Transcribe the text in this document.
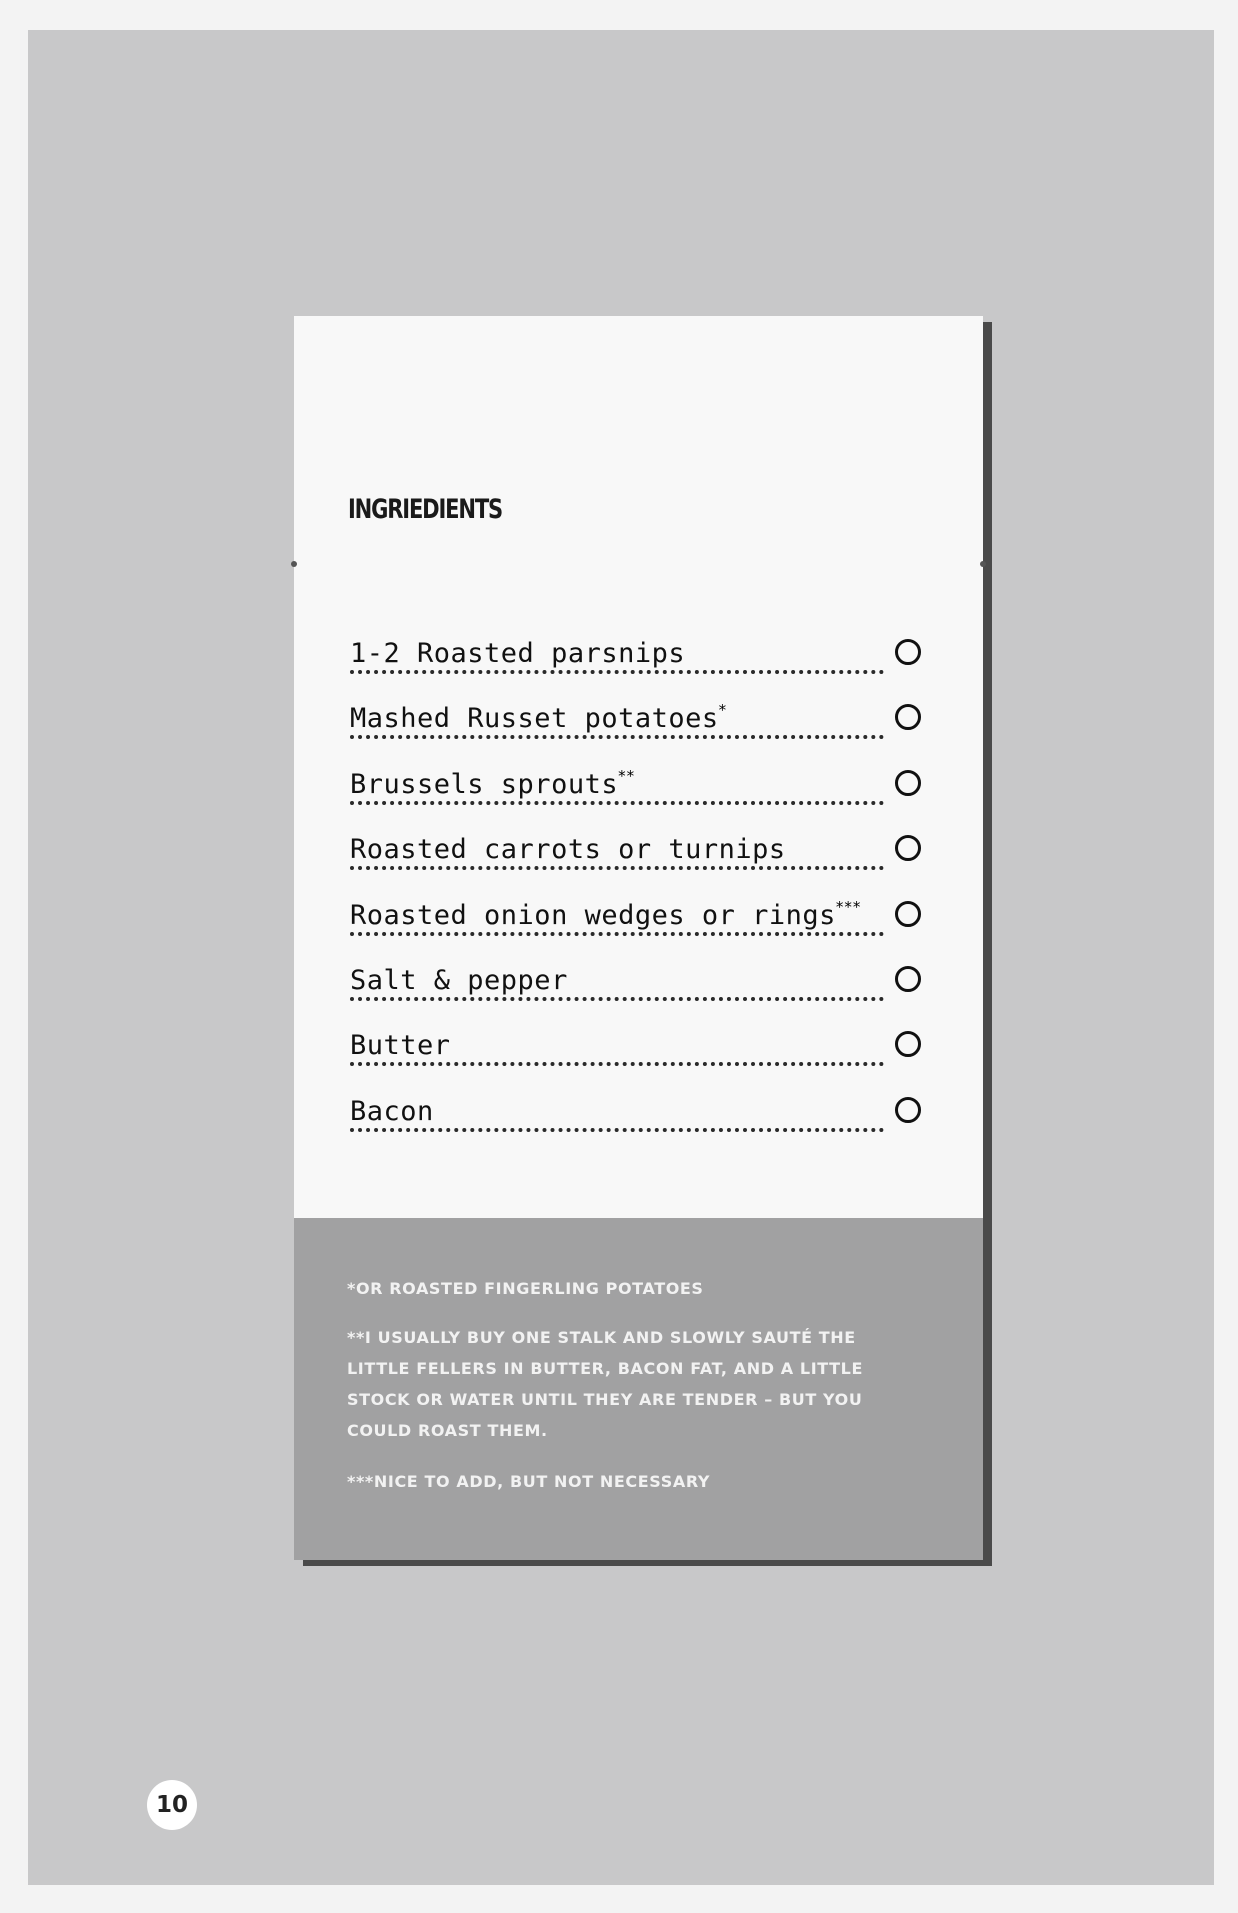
INGRIEDIENTS
1-2 Roasted parsnips
Mashed Russet potatoes*
Brussels sprouts**
Roasted carrots or turnips
Roasted onion wedges or rings***
Salt & pepper
Butter
Bacon

*OR ROASTED FINGERLING POTATOES

**I USUALLY BUY ONE STALK AND SLOWLY SAUTÉ THE LITTLE FELLERS IN BUTTER, BACON FAT, AND A LITTLE STOCK OR WATER UNTIL THEY ARE TENDER – BUT YOU COULD ROAST THEM.

***NICE TO ADD, BUT NOT NECESSARY

10
